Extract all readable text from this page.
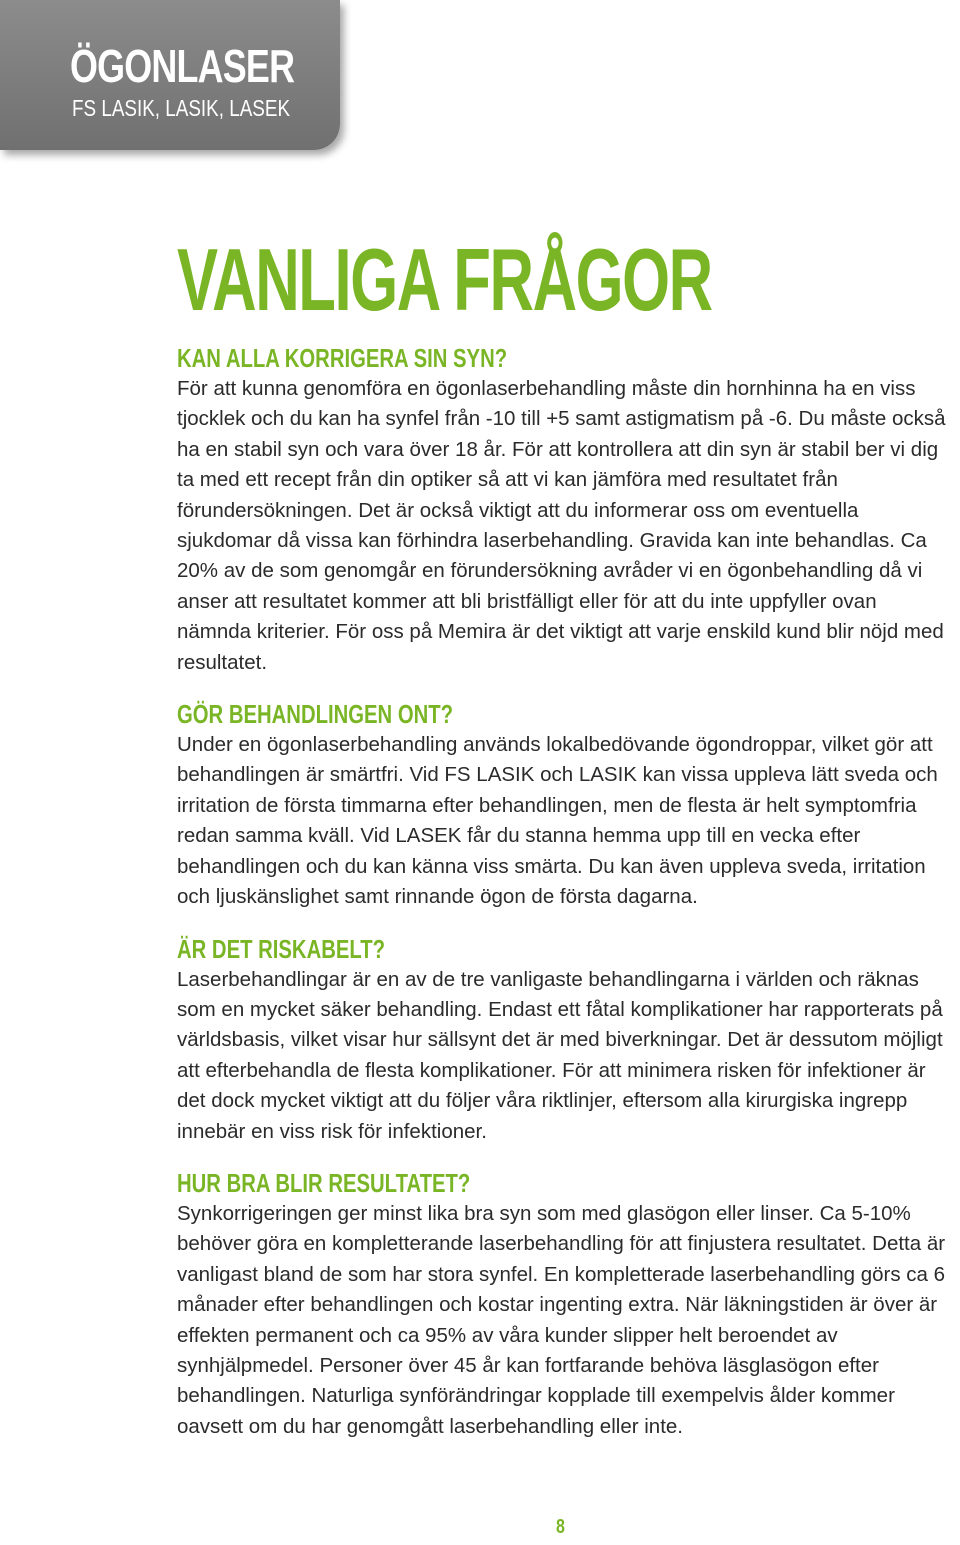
ÖGONLASER
FS LASIK, LASIK, LASEK
VANLIGA FRÅGOR
KAN ALLA KORRIGERA SIN SYN?

För att kunna genomföra en ögonlaserbehandling måste din hornhinna ha en viss tjocklek och du kan ha synfel från -10 till +5 samt astigmatism på -6. Du måste också ha en stabil syn och vara över 18 år. För att kontrollera att din syn är stabil ber vi dig ta med ett recept från din optiker så att vi kan jämföra med resultatet från förundersökningen. Det är också viktigt att du informerar oss om eventuella sjukdomar då vissa kan förhindra laserbehandling. Gravida kan inte behandlas. Ca 20% av de som genomgår en förundersökning avråder vi en ögonbehandling då vi anser att resultatet kommer att bli bristfälligt eller för att du inte uppfyller ovan nämnda kriterier. För oss på Memira är det viktigt att varje enskild kund blir nöjd med resultatet.

GÖR BEHANDLINGEN ONT?

Under en ögonlaserbehandling används lokalbedövande ögondroppar, vilket gör att behandlingen är smärtfri. Vid FS LASIK och LASIK kan vissa uppleva lätt sveda och irritation de första timmarna efter behandlingen, men de flesta är helt symptomfria redan samma kväll. Vid LASEK får du stanna hemma upp till en vecka efter behandlingen och du kan känna viss smärta. Du kan även uppleva sveda, irritation och ljuskänslighet samt rinnande ögon de första dagarna.

ÄR DET RISKABELT?

Laserbehandlingar är en av de tre vanligaste behandlingarna i världen och räknas som en mycket säker behandling. Endast ett fåtal komplikationer har rapporterats på världsbasis, vilket visar hur sällsynt det är med biverkningar. Det är dessutom möjligt att efterbehandla de flesta komplikationer. För att minimera risken för infektioner är det dock mycket viktigt att du följer våra riktlinjer, eftersom alla kirurgiska ingrepp innebär en viss risk för infektioner.

HUR BRA BLIR RESULTATET?

Synkorrigeringen ger minst lika bra syn som med glasögon eller linser. Ca 5-10% behöver göra en kompletterande laserbehandling för att finjustera resultatet. Detta är vanligast bland de som har stora synfel. En kompletterade laserbehandling görs ca 6 månader efter behandlingen och kostar ingenting extra. När läkningstiden är över är effekten permanent och ca 95% av våra kunder slipper helt beroendet av synhjälpmedel. Personer över 45 år kan fortfarande behöva läsglasögon efter behandlingen. Naturliga synförändringar kopplade till exempelvis ålder kommer oavsett om du har genomgått laserbehandling eller inte.

8
